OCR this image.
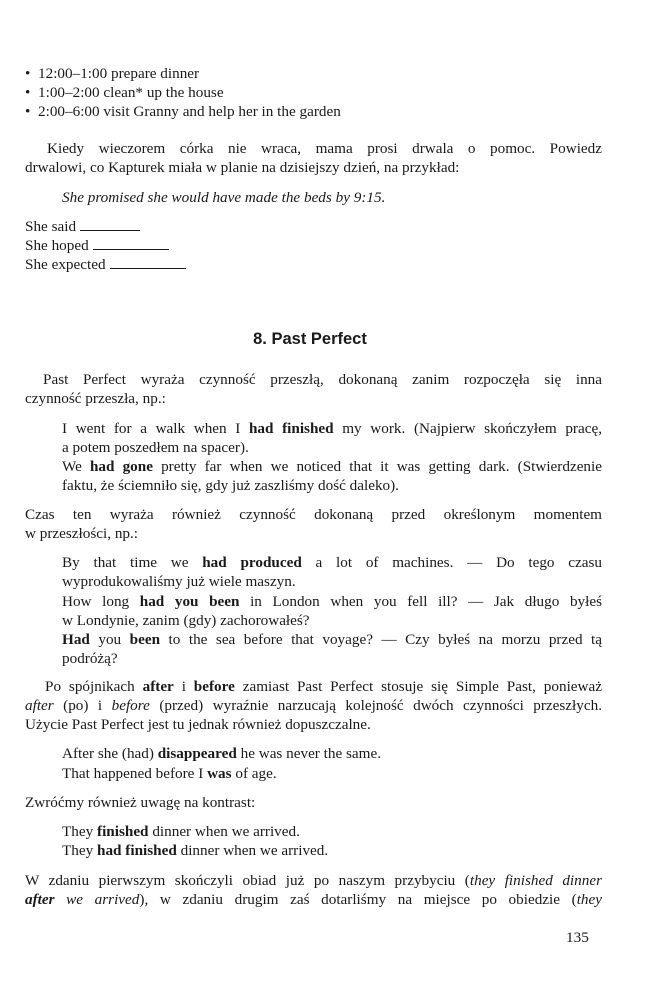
• 12:00–1:00 prepare dinner
• 1:00–2:00 clean* up the house
• 2:00–6:00 visit Granny and help her in the garden
Kiedy wieczorem córka nie wraca, mama prosi drwala o pomoc. Powiedz
drwalowi, co Kapturek miała w planie na dzisiejszy dzień, na przykład:
She promised she would have made the beds by 9:15.
She said
She hoped
She expected
8. Past Perfect
Past Perfect wyraża czynność przeszłą, dokonaną zanim rozpoczęła się inna
czynność przeszła, np.:
I went for a walk when I had finished my work. (Najpierw skończyłem pracę,
a potem poszedłem na spacer).
We had gone pretty far when we noticed that it was getting dark. (Stwierdzenie
faktu, że ściemniło się, gdy już zaszliśmy dość daleko).
Czas ten wyraża również czynność dokonaną przed określonym momentem
w przeszłości, np.:
By that time we had produced a lot of machines. — Do tego czasu
wyprodukowaliśmy już wiele maszyn.
How long had you been in London when you fell ill? — Jak długo byłeś
w Londynie, zanim (gdy) zachorowałeś?
Had you been to the sea before that voyage? — Czy byłeś na morzu przed tą
podróżą?
Po spójnikach after i before zamiast Past Perfect stosuje się Simple Past, ponieważ
after (po) i before (przed) wyraźnie narzucają kolejność dwóch czynności przeszłych.
Użycie Past Perfect jest tu jednak również dopuszczalne.
After she (had) disappeared he was never the same.
That happened before I was of age.
Zwróćmy również uwagę na kontrast:
They finished dinner when we arrived.
They had finished dinner when we arrived.
W zdaniu pierwszym skończyli obiad już po naszym przybyciu (they finished dinner
after we arrived), w zdaniu drugim zaś dotarliśmy na miejsce po obiedzie (they
135
